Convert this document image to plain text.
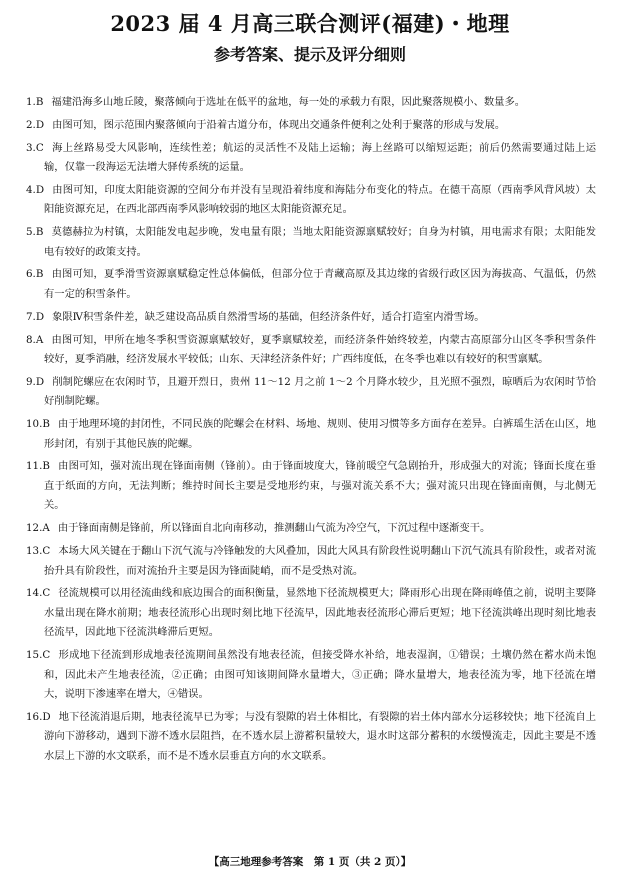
2023 届 4 月高三联合测评(福建)・地理
参考答案、提示及评分细则
1.B 福建沿海多山地丘陵，聚落倾向于选址在低平的盆地，每一处的承载力有限，因此聚落规模小、数量多。
2.D 由图可知，图示范围内聚落倾向于沿着古道分布，体现出交通条件便利之处利于聚落的形成与发展。
3.C 海上丝路易受大风影响，连续性差；航运的灵活性不及陆上运输；海上丝路可以缩短运距；前后仍然需要通过陆上运输，仅靠一段海运无法增大驿传系统的运量。
4.D 由图可知，印度太阳能资源的空间分布并没有呈现沿着纬度和海陆分布变化的特点。在德干高原（西南季风背风坡）太阳能资源充足，在西北部西南季风影响较弱的地区太阳能资源充足。
5.B 莫德赫拉为村镇，太阳能发电起步晚，发电量有限；当地太阳能资源禀赋较好；自身为村镇，用电需求有限；太阳能发电有较好的政策支持。
6.B 由图可知，夏季滑雪资源禀赋稳定性总体偏低，但部分位于青藏高原及其边缘的省级行政区因为海拔高、气温低，仍然有一定的积雪条件。
7.D 象限Ⅳ积雪条件差，缺乏建设高品质自然滑雪场的基础，但经济条件好，适合打造室内滑雪场。
8.A 由图可知，甲所在地冬季积雪资源禀赋较好，夏季禀赋较差，而经济条件始终较差，内蒙古高原部分山区冬季积雪条件较好，夏季消融，经济发展水平较低；山东、天津经济条件好；广西纬度低，在冬季也难以有较好的积雪禀赋。
9.D 削制陀螺应在农闲时节，且避开烈日，贵州 11～12 月之前 1～2 个月降水较少，且光照不强烈，晾晒后为农闲时节恰好削制陀螺。
10.B 由于地理环境的封闭性，不同民族的陀螺会在材料、场地、规则、使用习惯等多方面存在差异。白裤瑶生活在山区，地形封闭，有别于其他民族的陀螺。
11.B 由图可知，强对流出现在锋面南侧（锋前）。由于锋面坡度大，锋前暖空气急剧抬升，形成强大的对流；锋面长度在垂直于纸面的方向，无法判断；维持时间长主要是受地形约束，与强对流关系不大；强对流只出现在锋面南侧，与北侧无关。
12.A 由于锋面南侧是锋前，所以锋面自北向南移动，推测翻山气流为冷空气，下沉过程中逐渐变干。
13.C 本场大风关键在于翻山下沉气流与冷锋触发的大风叠加，因此大风具有阶段性说明翻山下沉气流具有阶段性，或者对流抬升具有阶段性，而对流抬升主要是因为锋面陡峭，而不是受热对流。
14.C 径流规模可以用径流曲线和底边围合的面积衡量，显然地下径流规模更大；降雨形心出现在降雨峰值之前，说明主要降水量出现在降水前期；地表径流形心出现时刻比地下径流早，因此地表径流形心滞后更短；地下径流洪峰出现时刻比地表径流早，因此地下径流洪峰滞后更短。
15.C 形成地下径流到形成地表径流期间虽然没有地表径流，但接受降水补给，地表湿润，①错误；土壤仍然在蓄水尚未饱和，因此未产生地表径流，②正确；由图可知该期间降水量增大，③正确；降水量增大，地表径流为零，地下径流在增大，说明下渗速率在增大，④错误。
16.D 地下径流消退后期，地表径流早已为零；与没有裂隙的岩土体相比，有裂隙的岩土体内部水分运移较快；地下径流自上游向下游移动，遇到下游不透水层阻挡，在不透水层上游蓄积量较大，退水时这部分蓄积的水缓慢流走，因此主要是不透水层上下游的水文联系，而不是不透水层垂直方向的水文联系。
【高三地理参考答案　第 1 页（共 2 页）】
